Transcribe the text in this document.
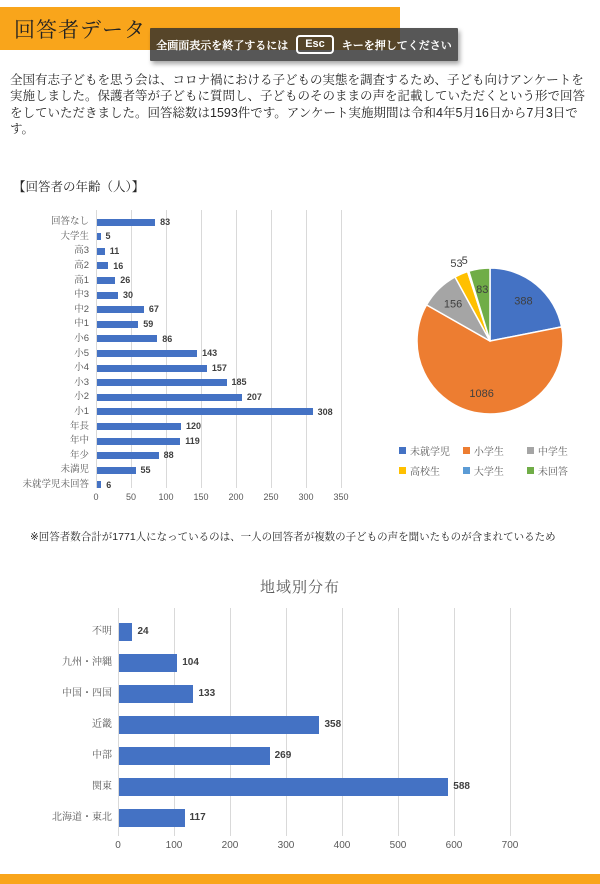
回答者データ
全画面表示を終了するには	Esc	キーを押してください

全国有志子どもを思う会は、コロナ禍における子どもの実態を調査するため、子ども向けアンケートを実施しました。保護者等が子どもに質問し、子どものそのままの声を記載していただくという形で回答をしていただきました。回答総数は1593件です。アンケート実施期間は令和4年5月16日から7月3日です。

【回答者の年齢（人）】
0	50	100	150	200	250	300	350
回答なし	83
大学生 5
高3 11
高2	16
高1	26
中3	30
中2	67
中1	59
小6	86
小5	143
小4	157
小3	185
小2	207
小1	308
年長	120
年中	119
年少	88
未満児	55
未就学児未回答 6
388
1086
156
53 5
83
未就学児 小学生	中学生
高校生	大学生	未回答
※回答者数合計が1771人になっているのは、一人の回答者が複数の子どもの声を聞いたものが含まれているため
地域別分布
0	100	200	300	400	500	600	700
不明	24
九州・沖縄	104
中国・四国	133
近畿	358
中部	269
関東	588
北海道・東北	117
